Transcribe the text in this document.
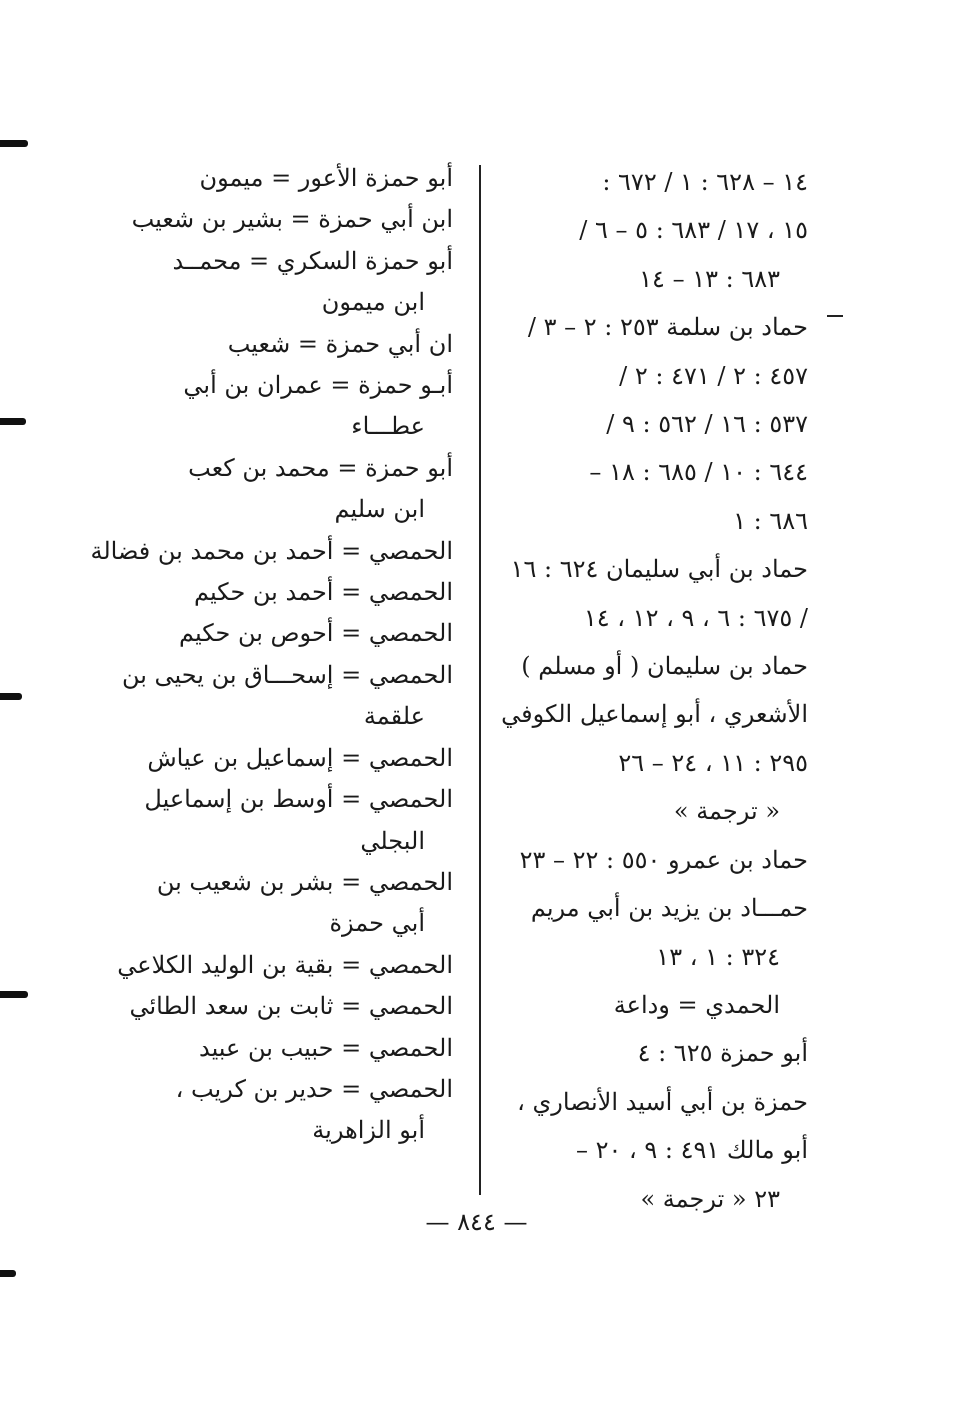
١٤ – ٦٢٨ : ١ / ٦٧٢ :
١٥ ، ١٧ / ٦٨٣ : ٥ – ٦ /
٦٨٣ : ١٣ – ١٤
حماد بن سلمة ٢٥٣ : ٢ – ٣ /
٤٥٧ : ٢ / ٤٧١ : ٢ /
٥٣٧ : ١٦ / ٥٦٢ : ٩ /
٦٤٤ : ١٠ / ٦٨٥ : ١٨ –
٦٨٦ : ١
حماد بن أبي سليمان ٦٢٤ : ١٦
/ ٦٧٥ : ٦ ، ٩ ، ١٢ ، ١٤
حماد بن سليمان ( أو مسلم )
الأشعري ، أبو إسماعيل الكوفي
٢٩٥ : ١١ ، ٢٤ – ٢٦
« ترجمة »
حماد بن عمرو ٥٥٠ : ٢٢ – ٢٣
حمـــاد بن يزيد بن أبي مريم
٣٢٤ : ١ ، ١٣
الحمدي = وداعة
أبو حمزة ٦٢٥ : ٤
حمزة بن أبي أسيد الأنصاري ،
أبو مالك ٤٩١ : ٩ ، ٢٠ –
٢٣ « ترجمة »
أبو حمزة الأعور = ميمون
ابن أبي حمزة = بشير بن شعيب
أبو حمزة السكري = محمــد
ابن ميمون
ان أبي حمزة = شعيب
أبـو حمزة = عمران بن أبي
عطـــاء
أبو حمزة = محمد بن كعب
ابن سليم
الحمصي = أحمد بن محمد بن فضالة
الحمصي = أحمد بن حكيم
الحمصي = أحوص بن حكيم
الحمصي = إسحـــاق بن يحيى بن
علقمة
الحمصي = إسماعيل بن عياش
الحمصي = أوسط بن إسماعيل
البجلي
الحمصي = بشر بن شعيب بن
أبي حمزة
الحمصي = بقية بن الوليد الكلاعي
الحمصي = ثابت بن سعد الطائي
الحمصي = حبيب بن عبيد
الحمصي = حدير بن كريب ،
أبو الزاهرية
— ٨٤٤ —
